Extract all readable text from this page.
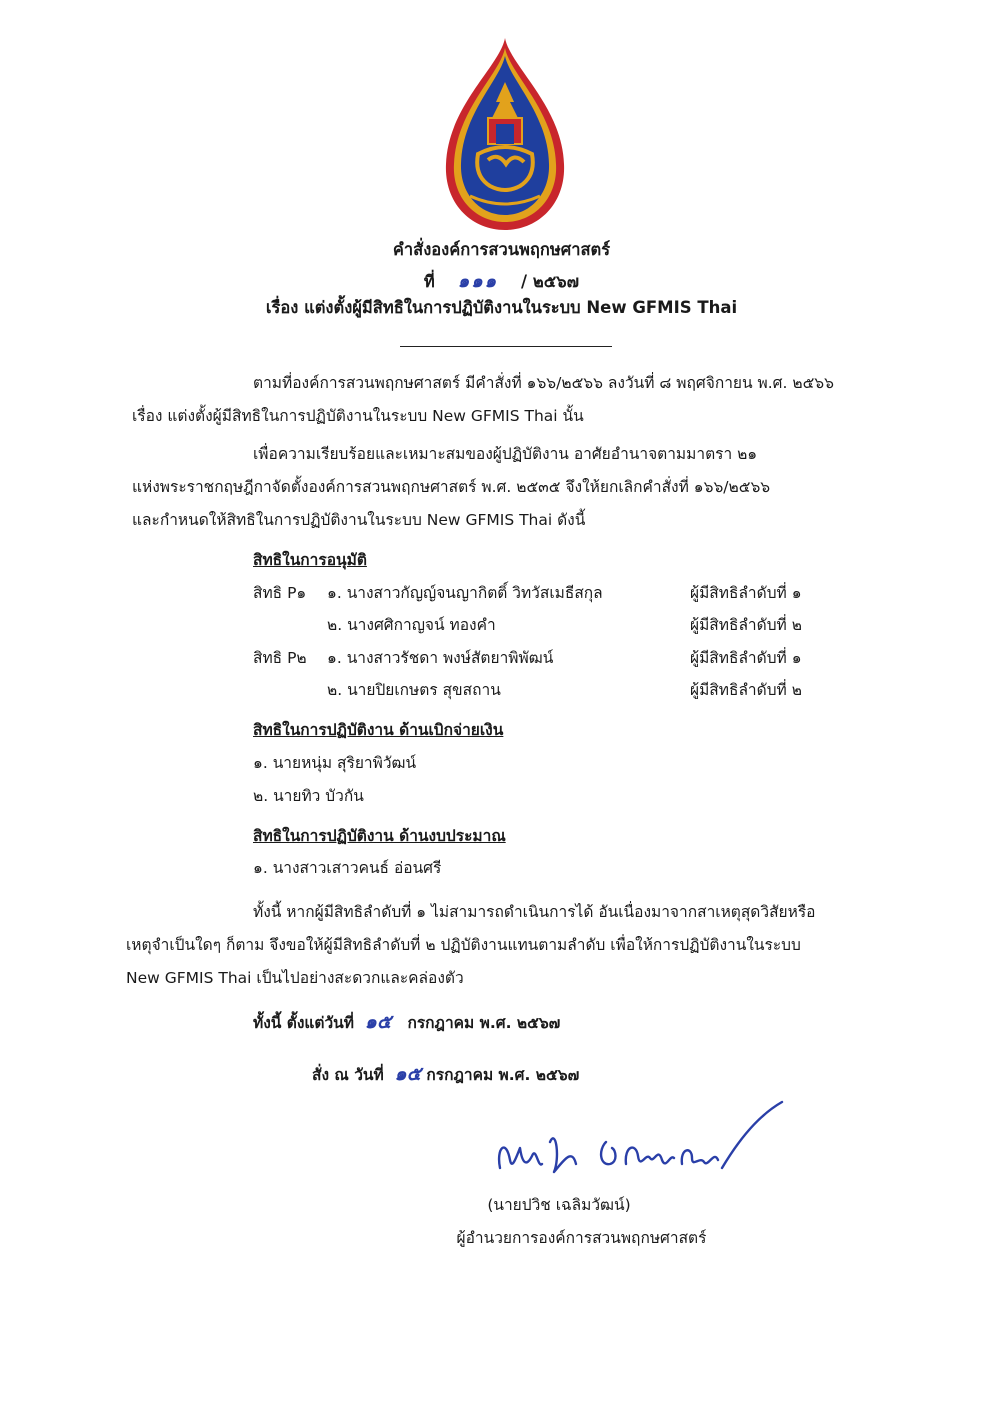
คำสั่งองค์การสวนพฤกษศาสตร์
ที่ ๑๑๑ / ๒๕๖๗
เรื่อง แต่งตั้งผู้มีสิทธิในการปฏิบัติงานในระบบ New GFMIS Thai
ตามที่องค์การสวนพฤกษศาสตร์ มีคำสั่งที่ ๑๖๖/๒๕๖๖ ลงวันที่ ๘ พฤศจิกายน พ.ศ. ๒๕๖๖
เรื่อง แต่งตั้งผู้มีสิทธิในการปฏิบัติงานในระบบ New GFMIS Thai นั้น
เพื่อความเรียบร้อยและเหมาะสมของผู้ปฏิบัติงาน อาศัยอำนาจตามมาตรา ๒๑
แห่งพระราชกฤษฎีกาจัดตั้งองค์การสวนพฤกษศาสตร์ พ.ศ. ๒๕๓๕ จึงให้ยกเลิกคำสั่งที่ ๑๖๖/๒๕๖๖
และกำหนดให้สิทธิในการปฏิบัติงานในระบบ New GFMIS Thai ดังนี้
สิทธิในการอนุมัติ
สิทธิ P๑ ๑. นางสาวกัญญ์จนญากิตติ์ วิทวัสเมธีสกุล	ผู้มีสิทธิลำดับที่ ๑
๒. นางศศิกาญจน์ ทองคำ	ผู้มีสิทธิลำดับที่ ๒
สิทธิ P๒ ๑. นางสาวรัชดา พงษ์สัตยาพิพัฒน์	ผู้มีสิทธิลำดับที่ ๑
๒. นายปิยเกษตร สุขสถาน	ผู้มีสิทธิลำดับที่ ๒
สิทธิในการปฏิบัติงาน ด้านเบิกจ่ายเงิน
๑. นายหนุ่ม สุริยาพิวัฒน์
๒. นายทิว บัวกัน
สิทธิในการปฏิบัติงาน ด้านงบประมาณ
๑. นางสาวเสาวคนธ์ อ่อนศรี
ทั้งนี้ หากผู้มีสิทธิลำดับที่ ๑ ไม่สามารถดำเนินการได้ อันเนื่องมาจากสาเหตุสุดวิสัยหรือ
เหตุจำเป็นใดๆ ก็ตาม จึงขอให้ผู้มีสิทธิลำดับที่ ๒ ปฏิบัติงานแทนตามลำดับ เพื่อให้การปฏิบัติงานในระบบ
New GFMIS Thai เป็นไปอย่างสะดวกและคล่องตัว
ทั้งนี้ ตั้งแต่วันที่ ๑๕ กรกฎาคม พ.ศ. ๒๕๖๗
สั่ง ณ วันที่ ๑๕ กรกฎาคม พ.ศ. ๒๕๖๗
(นายปวิช เฉลิมวัฒน์)
ผู้อำนวยการองค์การสวนพฤกษศาสตร์
